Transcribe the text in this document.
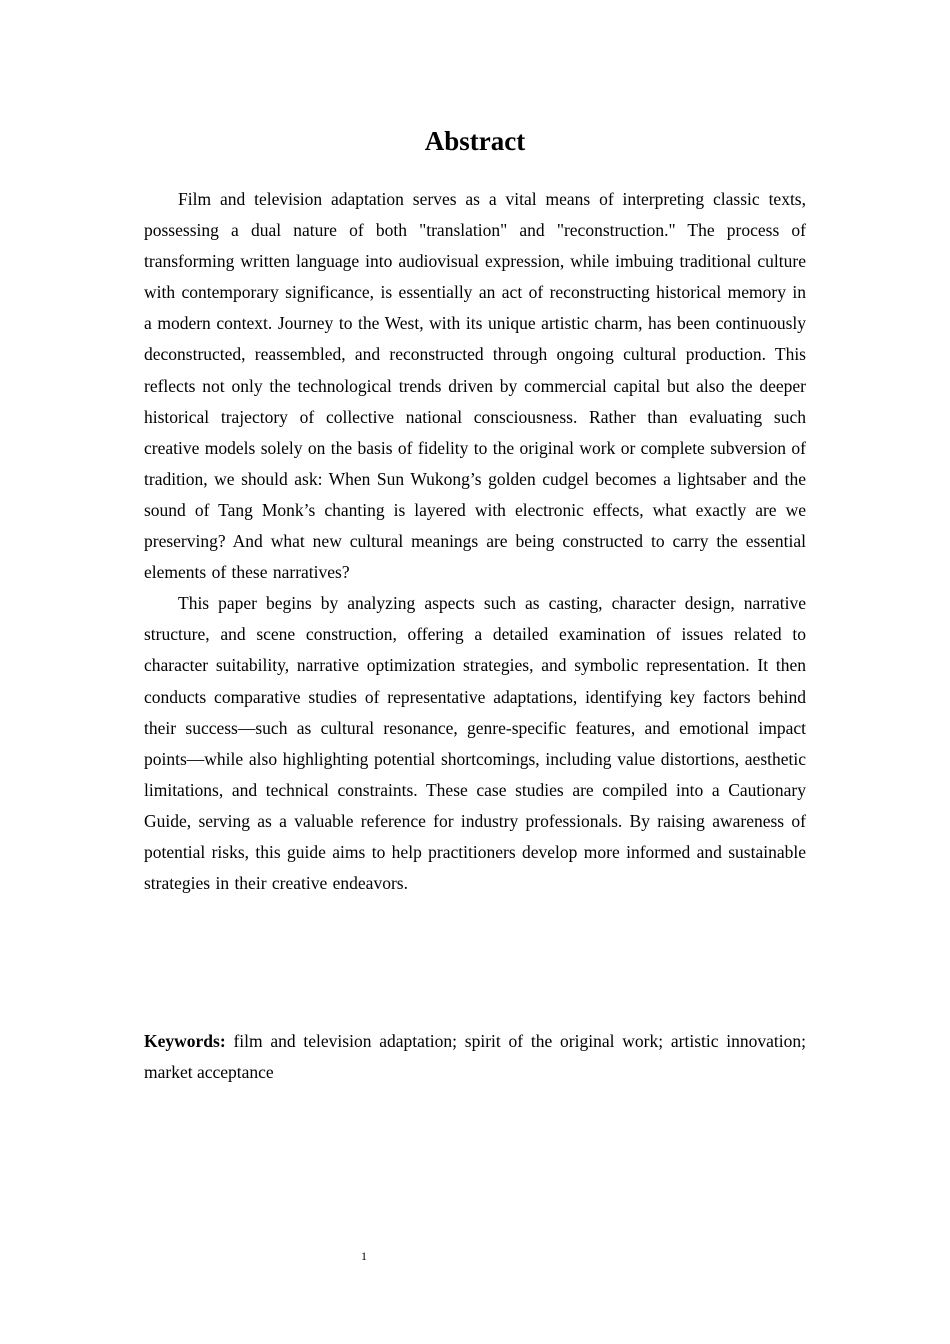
Abstract

Film and television adaptation serves as a vital means of interpreting classic texts, possessing a dual nature of both "translation" and "reconstruction." The process of transforming written language into audiovisual expression, while imbuing traditional culture with contemporary significance, is essentially an act of reconstructing historical memory in a modern context. Journey to the West, with its unique artistic charm, has been continuously deconstructed, reassembled, and reconstructed through ongoing cultural production. This reflects not only the technological trends driven by commercial capital but also the deeper historical trajectory of collective national consciousness. Rather than evaluating such creative models solely on the basis of fidelity to the original work or complete subversion of tradition, we should ask: When Sun Wukong’s golden cudgel becomes a lightsaber and the sound of Tang Monk’s chanting is layered with electronic effects, what exactly are we preserving? And what new cultural meanings are being constructed to carry the essential elements of these narratives?

This paper begins by analyzing aspects such as casting, character design, narrative structure, and scene construction, offering a detailed examination of issues related to character suitability, narrative optimization strategies, and symbolic representation. It then conducts comparative studies of representative adaptations, identifying key factors behind their success—such as cultural resonance, genre-specific features, and emotional impact points—while also highlighting potential shortcomings, including value distortions, aesthetic limitations, and technical constraints. These case studies are compiled into a Cautionary Guide, serving as a valuable reference for industry professionals. By raising awareness of potential risks, this guide aims to help practitioners develop more informed and sustainable strategies in their creative endeavors.

Keywords: film and television adaptation; spirit of the original work; artistic innovation; market acceptance

1
